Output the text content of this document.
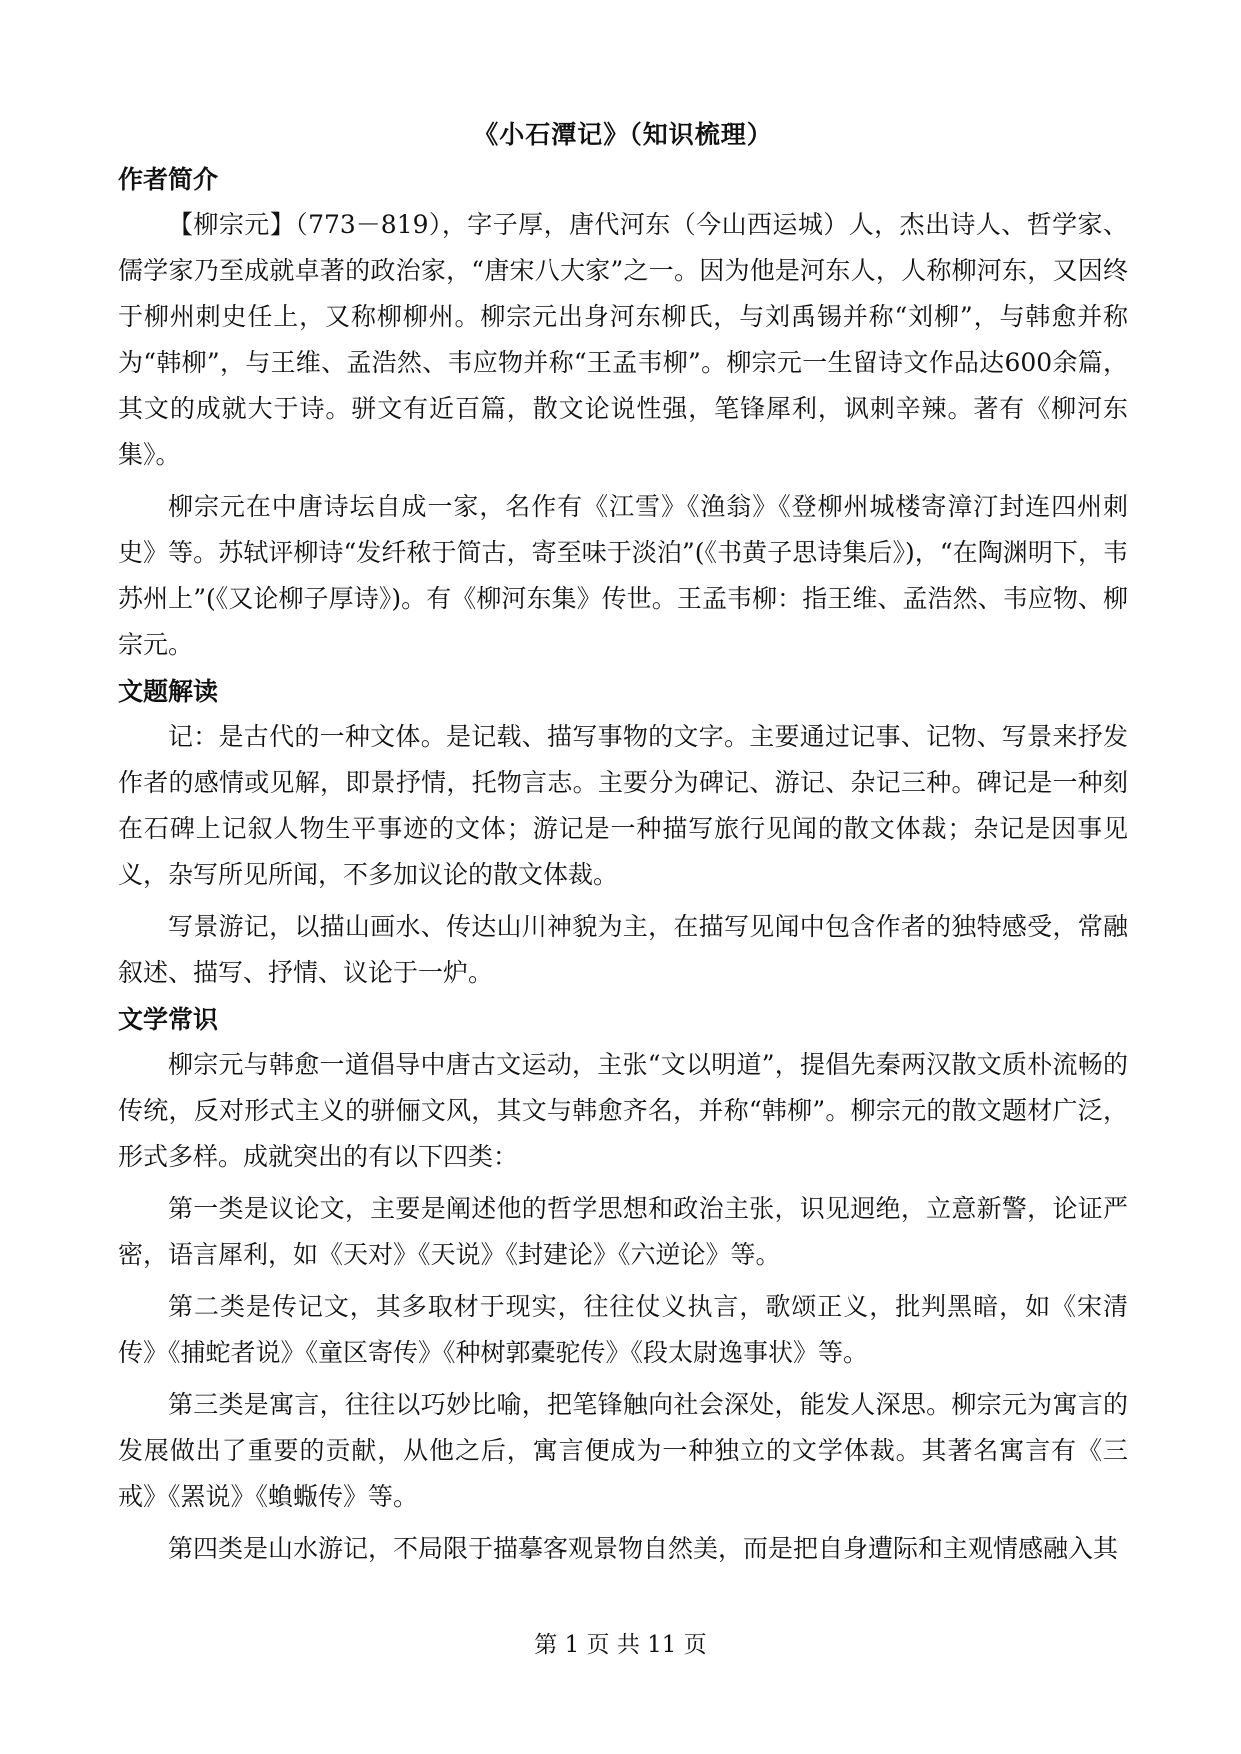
《小石潭记》（知识梳理）
作者简介

【柳宗元】（773－819），字子厚，唐代河东（今山西运城）人，杰出诗人、哲学家、儒学家乃至成就卓著的政治家，“唐宋八大家”之一。因为他是河东人，人称柳河东，又因终于柳州刺史任上，又称柳柳州。柳宗元出身河东柳氏，与刘禹锡并称“刘柳”，与韩愈并称为“韩柳”，与王维、孟浩然、韦应物并称“王孟韦柳”。柳宗元一生留诗文作品达600余篇，其文的成就大于诗。骈文有近百篇，散文论说性强，笔锋犀利，讽刺辛辣。著有《柳河东集》。

柳宗元在中唐诗坛自成一家，名作有《江雪》《渔翁》《登柳州城楼寄漳汀封连四州刺史》等。苏轼评柳诗“发纤秾于简古，寄至味于淡泊”(《书黄子思诗集后》)，“在陶渊明下，韦苏州上”(《又论柳子厚诗》)。有《柳河东集》传世。王孟韦柳：指王维、孟浩然、韦应物、柳宗元。

文题解读

记：是古代的一种文体。是记载、描写事物的文字。主要通过记事、记物、写景来抒发作者的感情或见解，即景抒情，托物言志。主要分为碑记、游记、杂记三种。碑记是一种刻在石碑上记叙人物生平事迹的文体；游记是一种描写旅行见闻的散文体裁；杂记是因事见义，杂写所见所闻，不多加议论的散文体裁。

写景游记，以描山画水、传达山川神貌为主，在描写见闻中包含作者的独特感受，常融叙述、描写、抒情、议论于一炉。

文学常识

柳宗元与韩愈一道倡导中唐古文运动，主张“文以明道”，提倡先秦两汉散文质朴流畅的传统，反对形式主义的骈俪文风，其文与韩愈齐名，并称“韩柳”。柳宗元的散文题材广泛，形式多样。成就突出的有以下四类：

第一类是议论文，主要是阐述他的哲学思想和政治主张，识见迥绝，立意新警，论证严密，语言犀利，如《天对》《天说》《封建论》《六逆论》等。

第二类是传记文，其多取材于现实，往往仗义执言，歌颂正义，批判黑暗，如《宋清传》《捕蛇者说》《童区寄传》《种树郭橐驼传》《段太尉逸事状》等。

第三类是寓言，往往以巧妙比喻，把笔锋触向社会深处，能发人深思。柳宗元为寓言的发展做出了重要的贡献，从他之后，寓言便成为一种独立的文学体裁。其著名寓言有《三戒》《罴说》《蝜蝂传》等。

第四类是山水游记，不局限于描摹客观景物自然美，而是把自身遭际和主观情感融入其

第 1 页 共 11 页
